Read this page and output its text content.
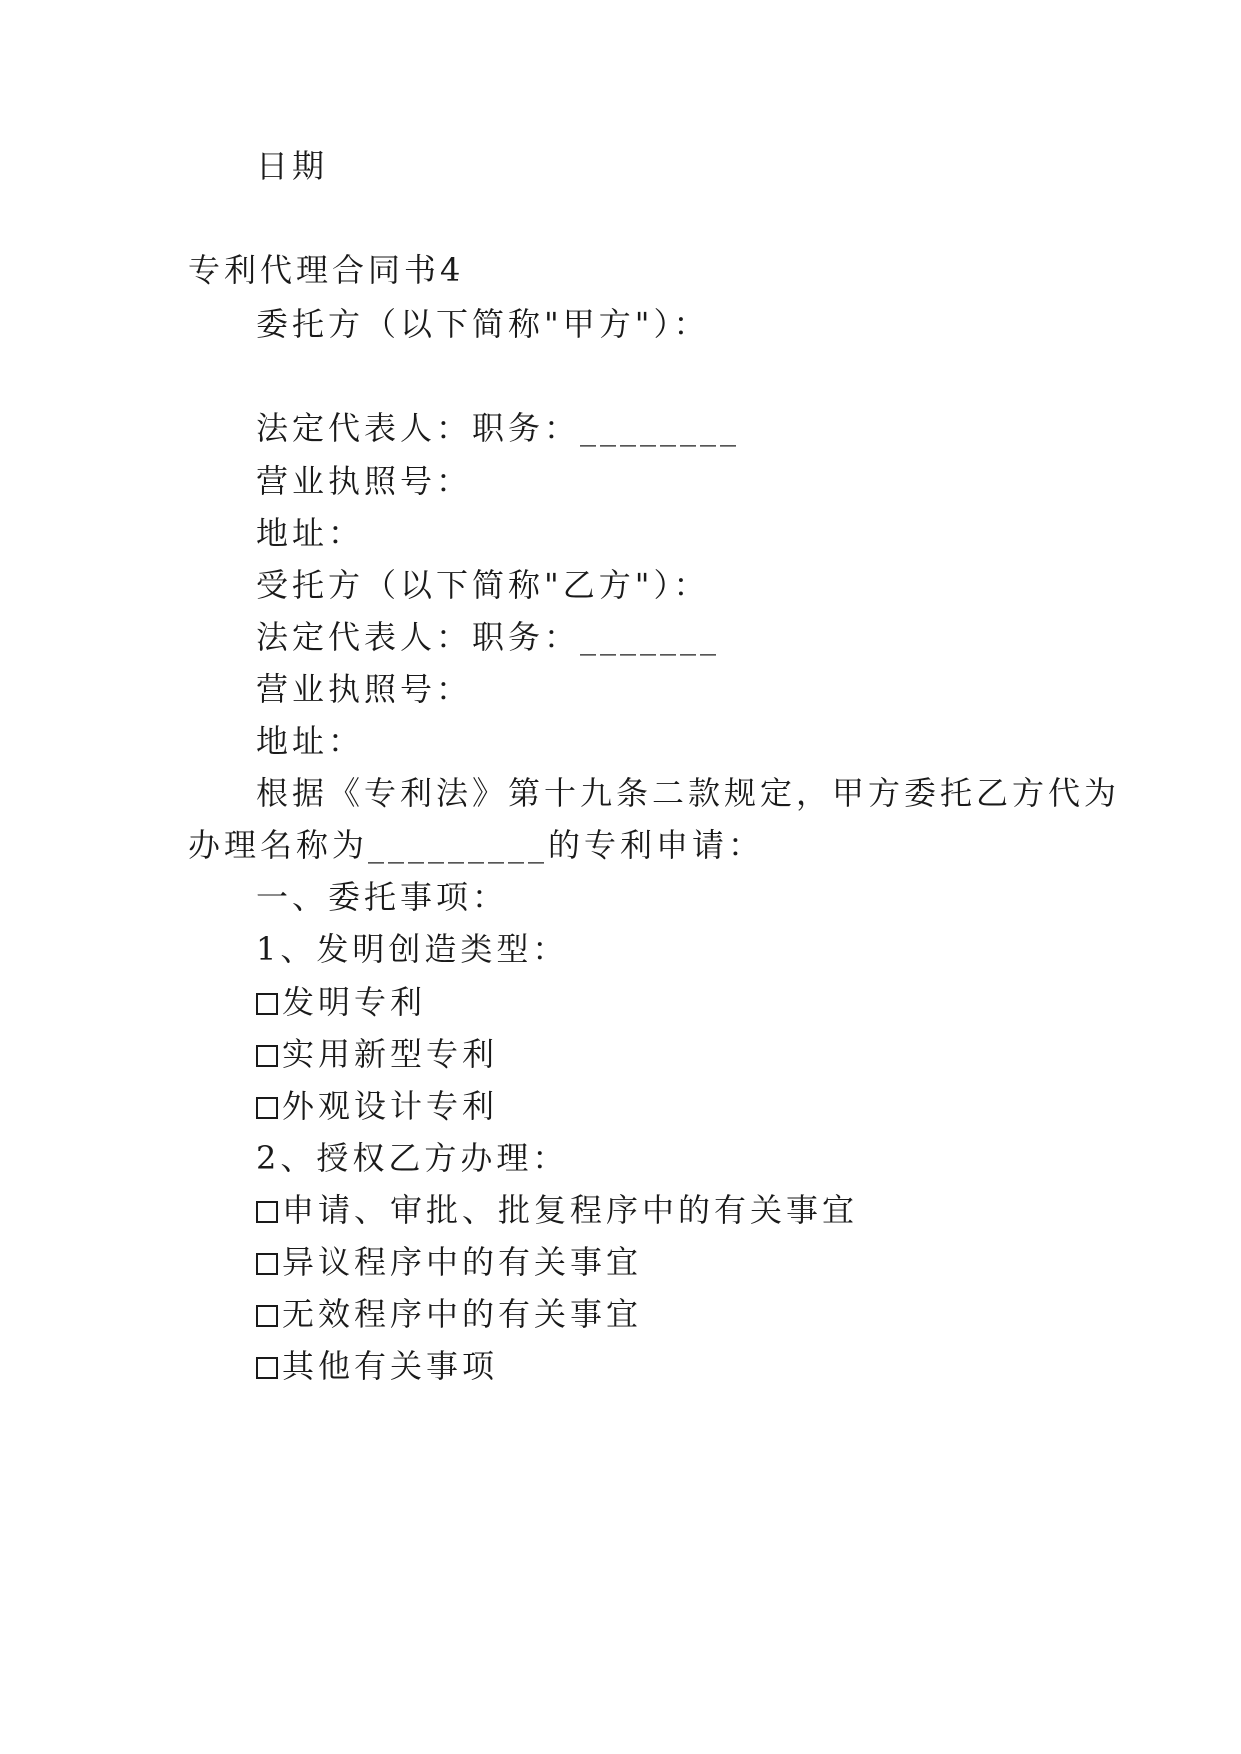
日期
专利代理合同书4
委托方（以下简称"甲方"）：
法定代表人：职务：________
营业执照号：
地址：
受托方（以下简称"乙方"）：
法定代表人：职务：_______
营业执照号：
地址：
根据《专利法》第十九条二款规定，甲方委托乙方代为
办理名称为_________的专利申请：
一、委托事项：
1、发明创造类型：
发明专利
实用新型专利
外观设计专利
2、授权乙方办理：
申请、审批、批复程序中的有关事宜
异议程序中的有关事宜
无效程序中的有关事宜
其他有关事项
